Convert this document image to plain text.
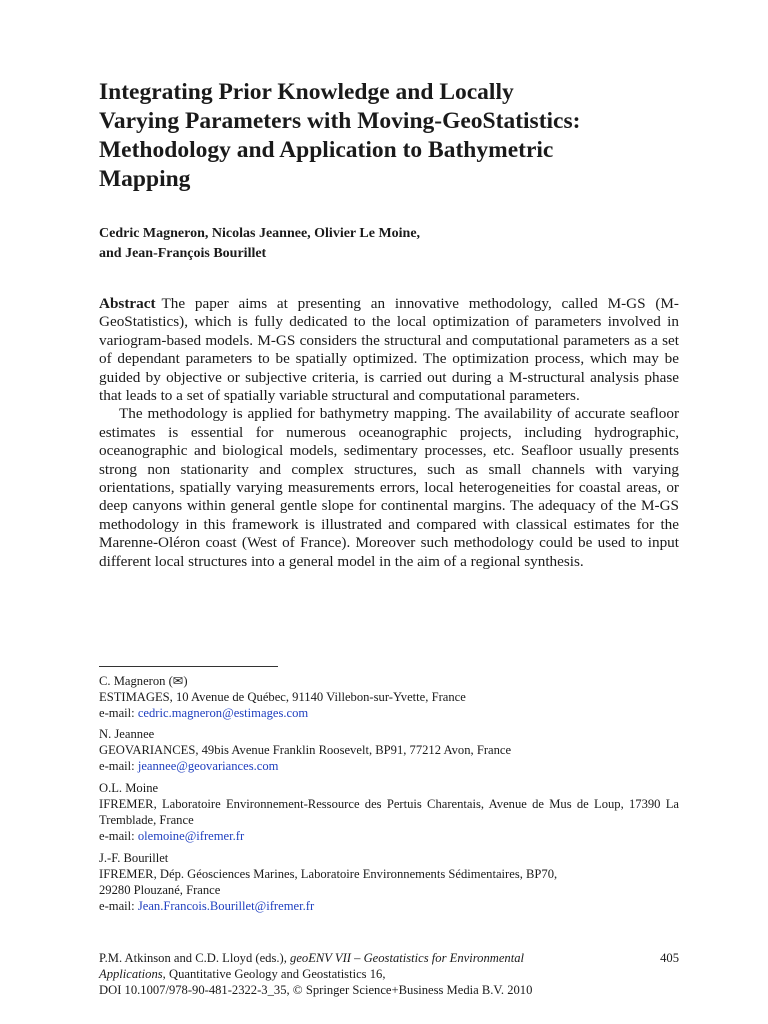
Integrating Prior Knowledge and Locally
Varying Parameters with Moving-GeoStatistics:
Methodology and Application to Bathymetric
Mapping
Cedric Magneron, Nicolas Jeannee, Olivier Le Moine,
and Jean-François Bourillet

Abstract The paper aims at presenting an innovative methodology, called M-GS (M-GeoStatistics), which is fully dedicated to the local optimization of parameters involved in variogram-based models. M-GS considers the structural and computational parameters as a set of dependant parameters to be spatially optimized. The optimization process, which may be guided by objective or subjective criteria, is carried out during a M-structural analysis phase that leads to a set of spatially variable structural and computational parameters.

The methodology is applied for bathymetry mapping. The availability of accurate seafloor estimates is essential for numerous oceanographic projects, including hydrographic, oceanographic and biological models, sedimentary processes, etc. Seafloor usually presents strong non stationarity and complex structures, such as small channels with varying orientations, spatially varying measurements errors, local heterogeneities for coastal areas, or deep canyons within general gentle slope for continental margins. The adequacy of the M-GS methodology in this framework is illustrated and compared with classical estimates for the Marenne-Oléron coast (West of France). Moreover such methodology could be used to input different local structures into a general model in the aim of a regional synthesis.

C. Magneron (✉)
ESTIMAGES, 10 Avenue de Québec, 91140 Villebon-sur-Yvette, France
e-mail: cedric.magneron@estimages.com
N. Jeannee
GEOVARIANCES, 49bis Avenue Franklin Roosevelt, BP91, 77212 Avon, France
e-mail: jeannee@geovariances.com
O.L. Moine
IFREMER, Laboratoire Environnement-Ressource des Pertuis Charentais, Avenue de Mus de Loup, 17390 La Tremblade, France
e-mail: olemoine@ifremer.fr
J.-F. Bourillet
IFREMER, Dép. Géosciences Marines, Laboratoire Environnements Sédimentaires, BP70,
29280 Plouzané, France
e-mail: Jean.Francois.Bourillet@ifremer.fr
405
P.M. Atkinson and C.D. Lloyd (eds.), geoENV VII – Geostatistics for Environmental
Applications, Quantitative Geology and Geostatistics 16,
DOI 10.1007/978-90-481-2322-3_35, © Springer Science+Business Media B.V. 2010
